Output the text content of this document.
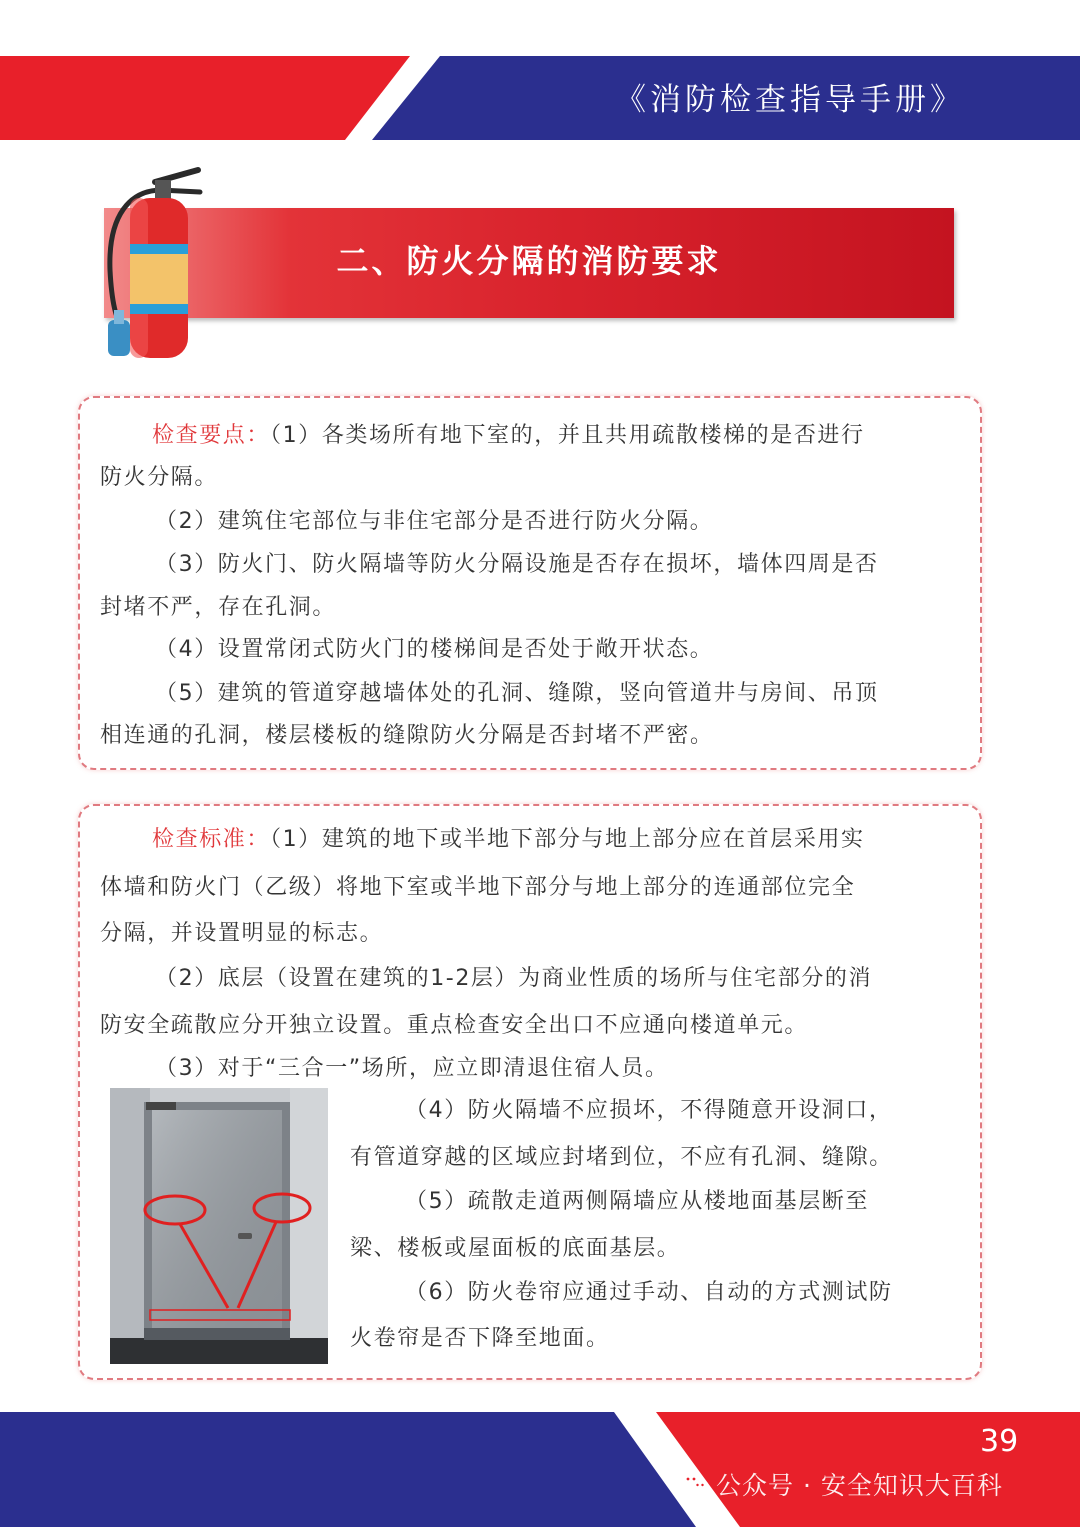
《消防检查指导手册》
二、防火分隔的消防要求
检查要点：（1）各类场所有地下室的，并且共用疏散楼梯的是否进行
防火分隔。
（2）建筑住宅部位与非住宅部分是否进行防火分隔。
（3）防火门、防火隔墙等防火分隔设施是否存在损坏，墙体四周是否
封堵不严，存在孔洞。
（4）设置常闭式防火门的楼梯间是否处于敞开状态。
（5）建筑的管道穿越墙体处的孔洞、缝隙，竖向管道井与房间、吊顶
相连通的孔洞，楼层楼板的缝隙防火分隔是否封堵不严密。
检查标准：（1）建筑的地下或半地下部分与地上部分应在首层采用实
体墙和防火门（乙级）将地下室或半地下部分与地上部分的连通部位完全
分隔，并设置明显的标志。
（2）底层（设置在建筑的1-2层）为商业性质的场所与住宅部分的消
防安全疏散应分开独立设置。重点检查安全出口不应通向楼道单元。
（3）对于“三合一”场所，应立即清退住宿人员。
（4）防火隔墙不应损坏，不得随意开设洞口，
有管道穿越的区域应封堵到位，不应有孔洞、缝隙。
（5）疏散走道两侧隔墙应从楼地面基层断至
梁、楼板或屋面板的底面基层。
（6）防火卷帘应通过手动、自动的方式测试防
火卷帘是否下降至地面。
39
公众号 · 安全知识大百科
